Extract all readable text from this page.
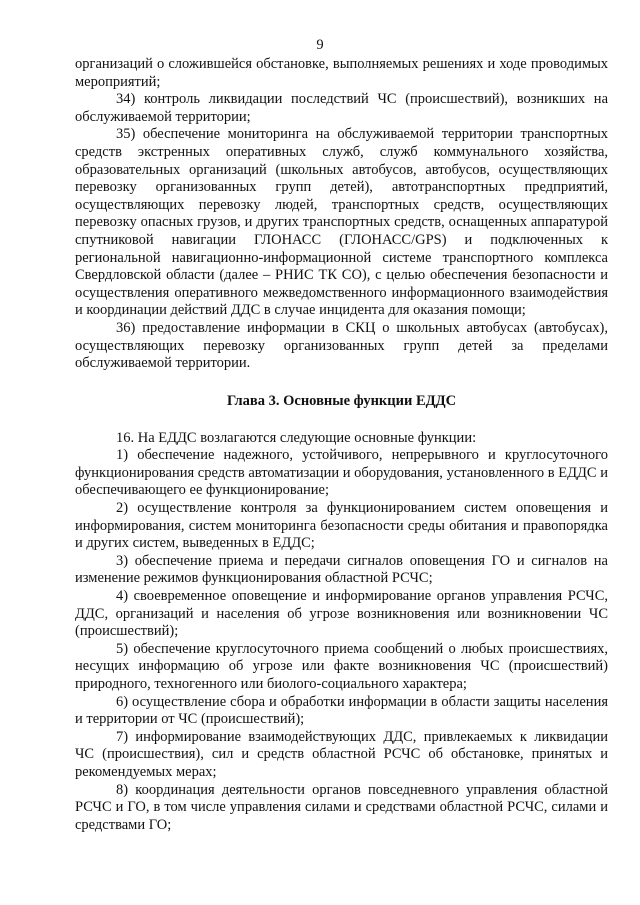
9

организаций о сложившейся обстановке, выполняемых решениях и ходе проводимых мероприятий;

34) контроль ликвидации последствий ЧС (происшествий), возникших на обслуживаемой территории;

35) обеспечение мониторинга на обслуживаемой территории транспортных средств экстренных оперативных служб, служб коммунального хозяйства, образовательных организаций (школьных автобусов, автобусов, осуществляющих перевозку организованных групп детей), автотранспортных предприятий, осуществляющих перевозку людей, транспортных средств, осуществляющих перевозку опасных грузов, и других транспортных средств, оснащенных аппаратурой спутниковой навигации ГЛОНАСС (ГЛОНАСС/GPS) и подключенных к региональной навигационно-информационной системе транспортного комплекса Свердловской области (далее – РНИС ТК СО), с целью обеспечения безопасности и осуществления оперативного межведомственного информационного взаимодействия и координации действий ДДС в случае инцидента для оказания помощи;

36) предоставление информации в СКЦ о школьных автобусах (автобусах), осуществляющих перевозку организованных групп детей за пределами обслуживаемой территории.

Глава 3. Основные функции ЕДДС

16. На ЕДДС возлагаются следующие основные функции:

1) обеспечение надежного, устойчивого, непрерывного и круглосуточного функционирования средств автоматизации и оборудования, установленного в ЕДДС и обеспечивающего ее функционирование;

2) осуществление контроля за функционированием систем оповещения и информирования, систем мониторинга безопасности среды обитания и правопорядка и других систем, выведенных в ЕДДС;

3) обеспечение приема и передачи сигналов оповещения ГО и сигналов на изменение режимов функционирования областной РСЧС;

4) своевременное оповещение и информирование органов управления РСЧС, ДДС, организаций и населения об угрозе возникновения или возникновении ЧС (происшествий);

5) обеспечение круглосуточного приема сообщений о любых происшествиях, несущих информацию об угрозе или факте возникновения ЧС (происшествий) природного, техногенного или биолого-социального характера;

6) осуществление сбора и обработки информации в области защиты населения и территории от ЧС (происшествий);

7) информирование взаимодействующих ДДС, привлекаемых к ликвидации ЧС (происшествия), сил и средств областной РСЧС об обстановке, принятых и рекомендуемых мерах;

8) координация деятельности органов повседневного управления областной РСЧС и ГО, в том числе управления силами и средствами областной РСЧС, силами и средствами ГО;
